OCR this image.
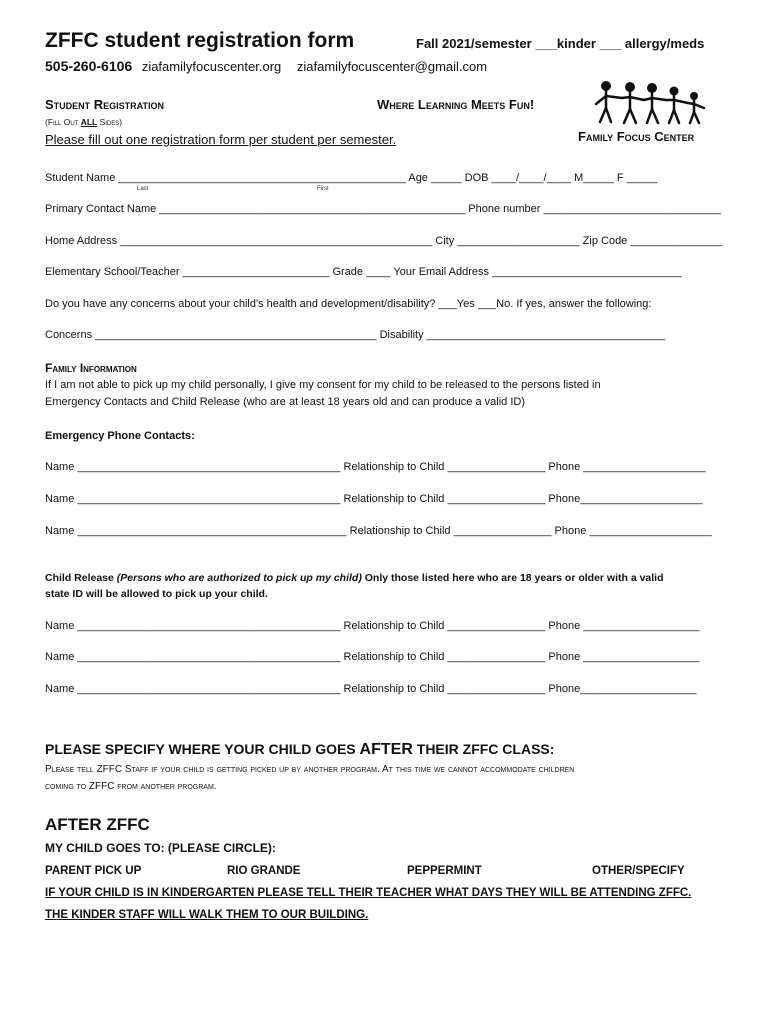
ZFFC student registration form	Fall 2021/semester ___kinder ___ allergy/meds
505-260-6106 ziafamilyfocuscenter.org ziafamilyfocuscenter@gmail.com
Student Registration
(Fill Out ALL Sides)
Please fill out one registration form per student per semester.
Where Learning Meets Fun!
Family Focus Center
Student Name _______________________________________________ Age _____ DOB ____/____/____ M_____ F _____
Last	First
Primary Contact Name __________________________________________________ Phone number _____________________________
Home Address ___________________________________________________ City ____________________ Zip Code _______________
Elementary School/Teacher ________________________ Grade ____ Your Email Address _______________________________
Do you have any concerns about your child's health and development/disability? ___Yes ___No. If yes, answer the following:
Concerns ______________________________________________ Disability _______________________________________
Family Information
If I am not able to pick up my child personally, I give my consent for my child to be released to the persons listed in
Emergency Contacts and Child Release (who are at least 18 years old and can produce a valid ID)
Emergency Phone Contacts:
Name ___________________________________________ Relationship to Child ________________ Phone ____________________
Name ___________________________________________ Relationship to Child ________________ Phone____________________
Name ____________________________________________ Relationship to Child ________________ Phone ____________________
Child Release (Persons who are authorized to pick up my child) Only those listed here who are 18 years or older with a valid
state ID will be allowed to pick up your child.
Name ___________________________________________ Relationship to Child ________________ Phone ___________________
Name ___________________________________________ Relationship to Child ________________ Phone ___________________
Name ___________________________________________ Relationship to Child ________________ Phone___________________
PLEASE SPECIFY WHERE YOUR CHILD GOES AFTER THEIR ZFFC CLASS:
Please tell ZFFC Staff if your child is getting picked up by another program. At this time we cannot accommodate children
coming to ZFFC from another program.
AFTER ZFFC
MY CHILD GOES TO: (PLEASE CIRCLE):
PARENT PICK UP	RIO GRANDE	PEPPERMINT	OTHER/SPECIFY
IF YOUR CHILD IS IN KINDERGARTEN PLEASE TELL THEIR TEACHER WHAT DAYS THEY WILL BE ATTENDING ZFFC.
THE KINDER STAFF WILL WALK THEM TO OUR BUILDING.
